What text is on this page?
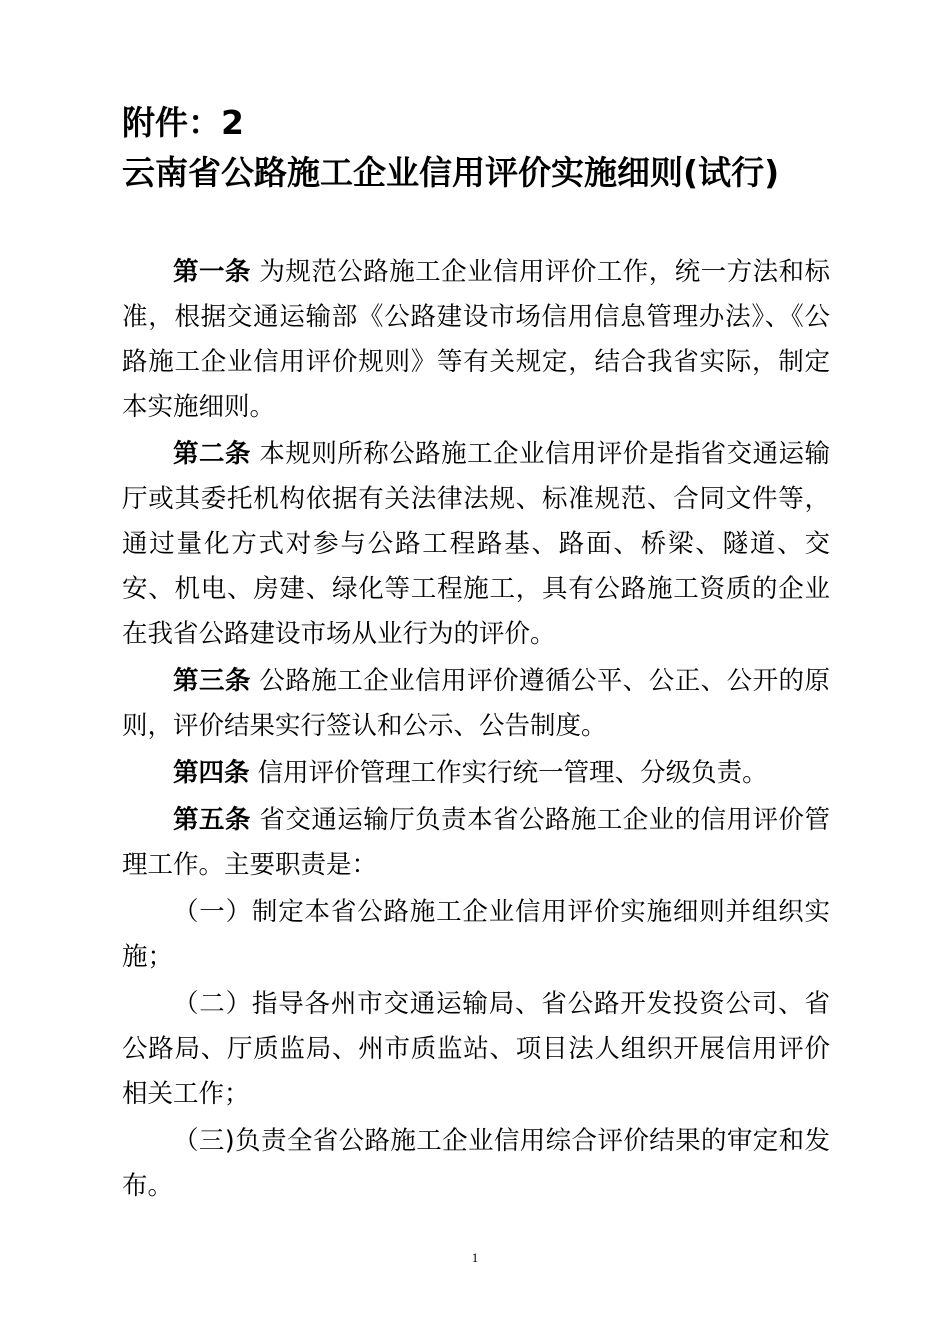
附件：2
云南省公路施工企业信用评价实施细则(试行)

第一条 为规范公路施工企业信用评价工作，统一方法和标准，根据交通运输部《公路建设市场信用信息管理办法》、《公路施工企业信用评价规则》等有关规定，结合我省实际，制定本实施细则。

第二条 本规则所称公路施工企业信用评价是指省交通运输厅或其委托机构依据有关法律法规、标准规范、合同文件等，通过量化方式对参与公路工程路基、路面、桥梁、隧道、交安、机电、房建、绿化等工程施工，具有公路施工资质的企业在我省公路建设市场从业行为的评价。

第三条 公路施工企业信用评价遵循公平、公正、公开的原则，评价结果实行签认和公示、公告制度。

第四条 信用评价管理工作实行统一管理、分级负责。

第五条 省交通运输厅负责本省公路施工企业的信用评价管理工作。主要职责是：

（一）制定本省公路施工企业信用评价实施细则并组织实施；

（二）指导各州市交通运输局、省公路开发投资公司、省公路局、厅质监局、州市质监站、项目法人组织开展信用评价相关工作；

（三)负责全省公路施工企业信用综合评价结果的审定和发布。

1
